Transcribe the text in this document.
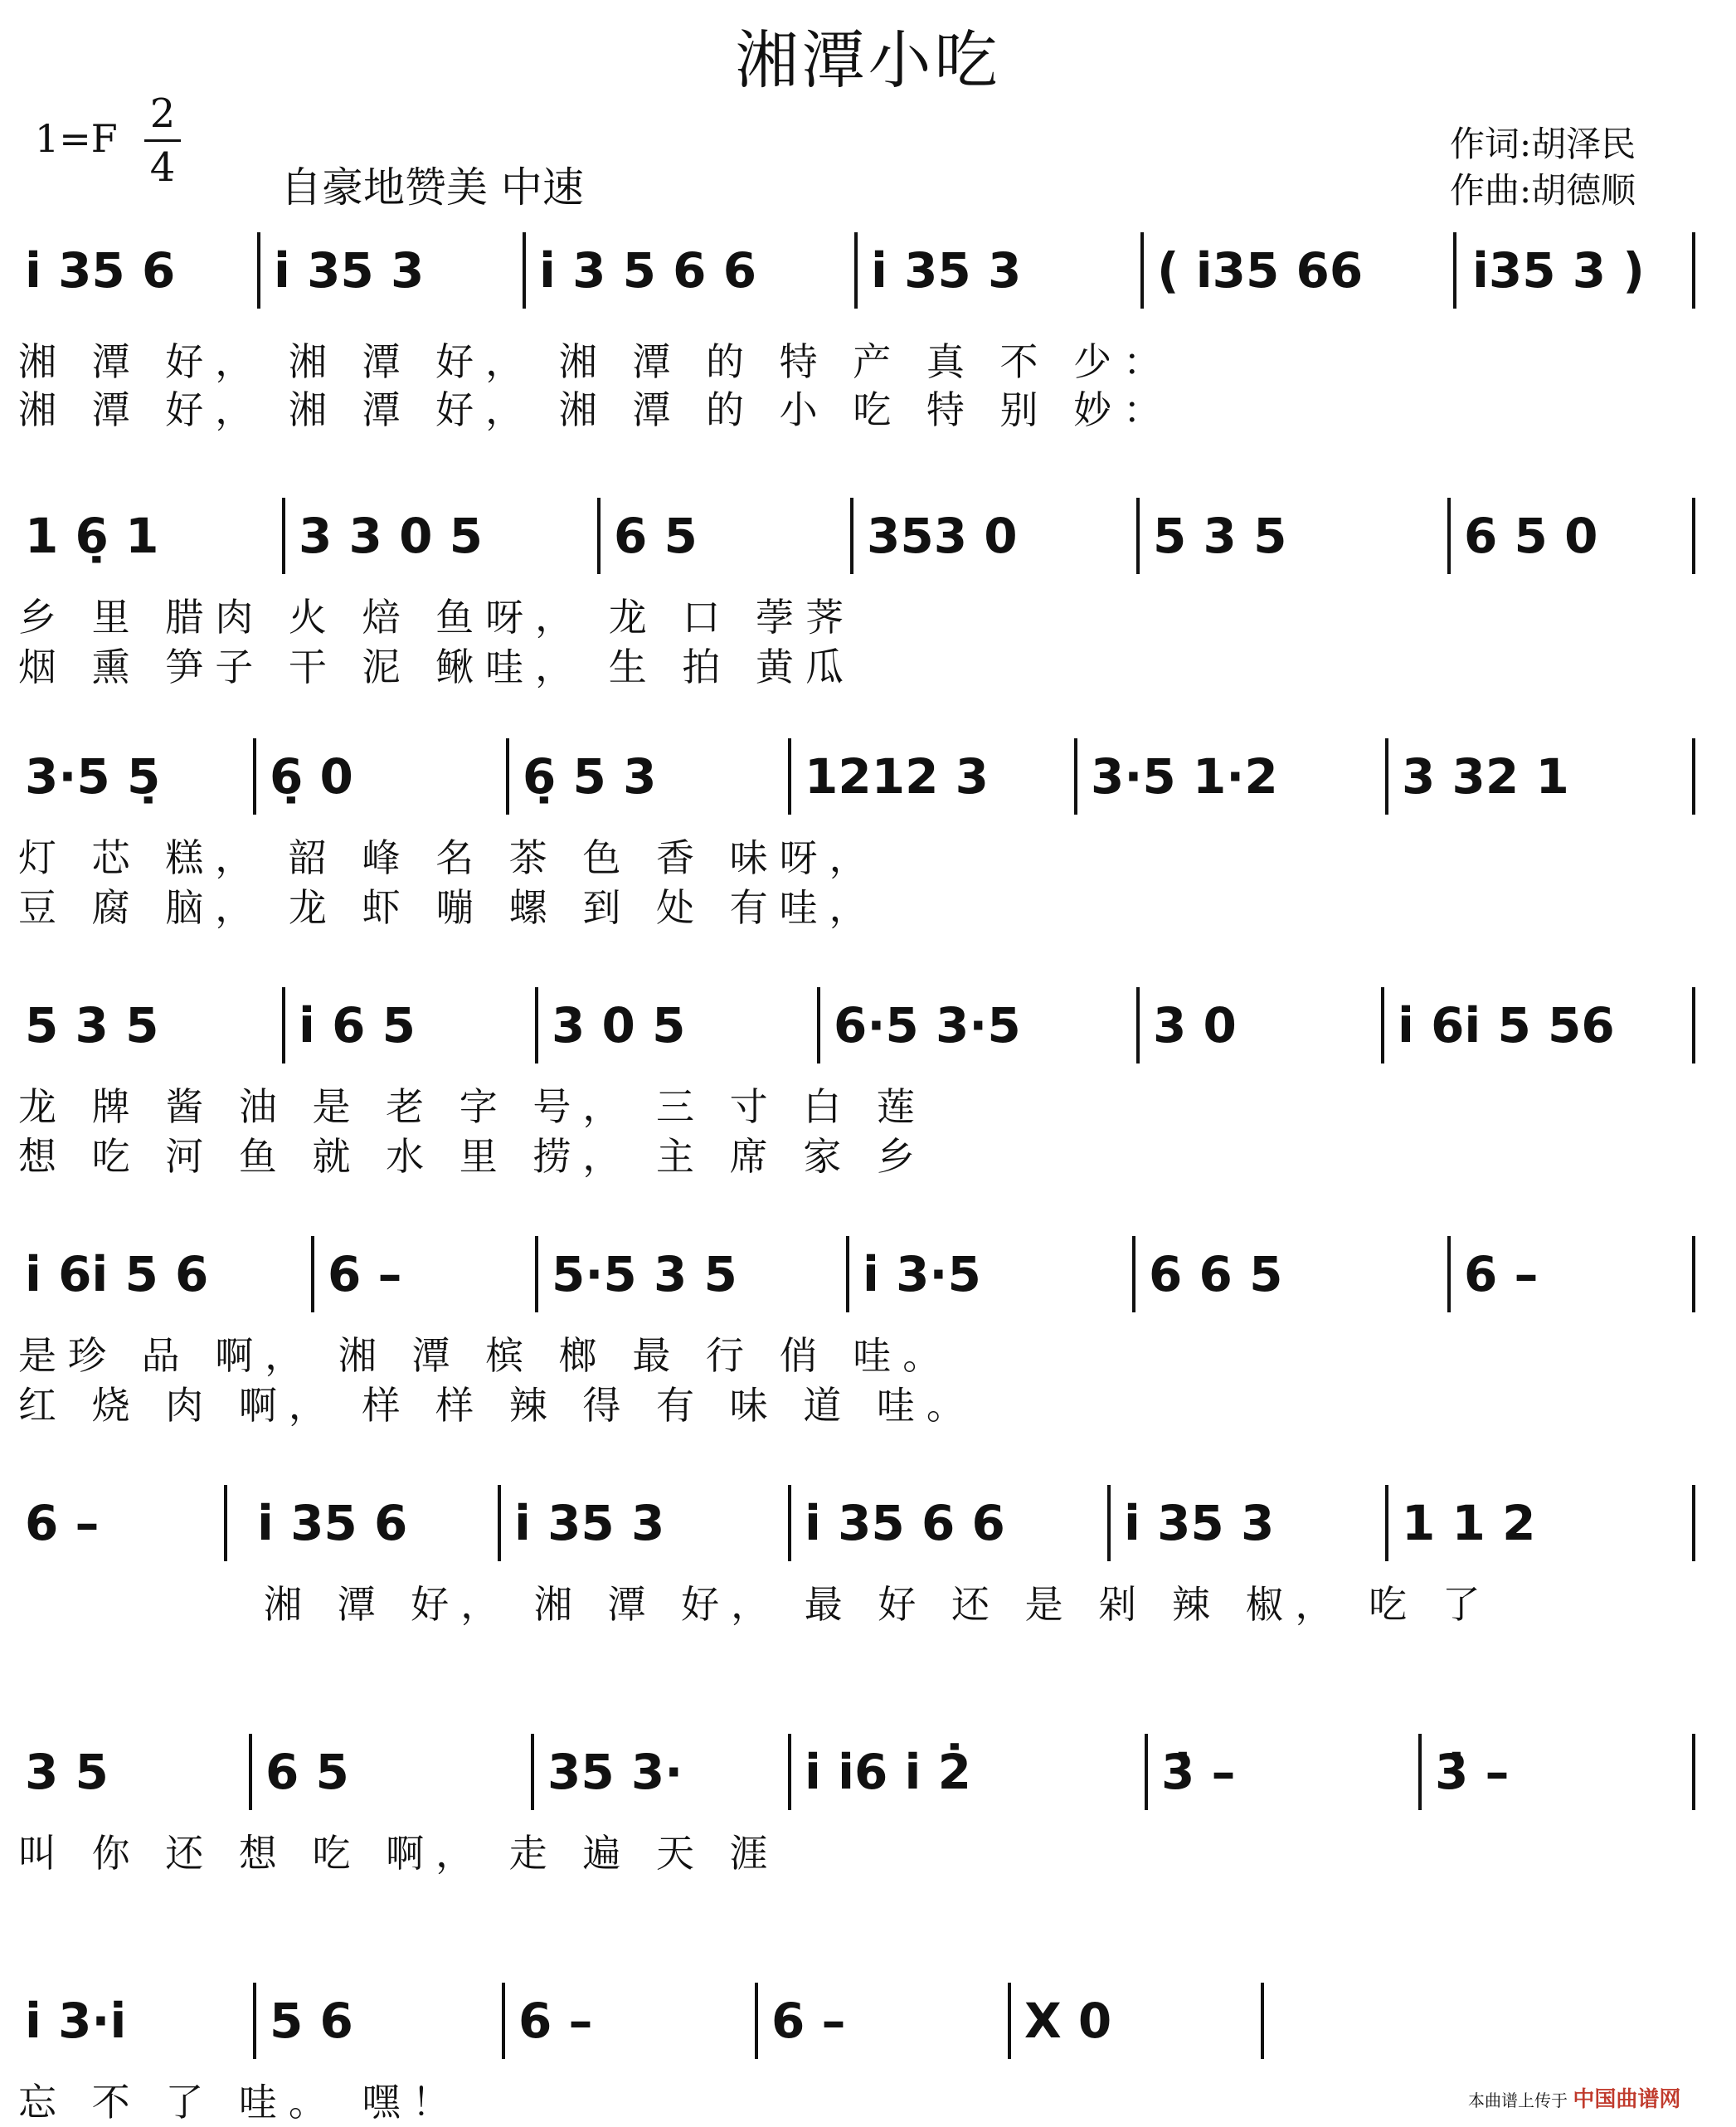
湘潭小吃
1=F
2
4	自豪地赞美 中速
作词:胡泽民
作曲:胡德顺
i̇ 35 6 i̇ 35 3 i̇ 3 5 6 6 i̇ 35 3	( i̇35 66 i̇35 3 )
湘 潭 好， 湘 潭 好， 湘 潭 的 特 产 真 不 少：
湘 潭 好， 湘 潭 好， 湘 潭 的 小 吃 特 别 妙：
1 6̣ 1	3 3 0 5	6 5	353 0	5 3 5	6 5 0
乡 里 腊肉 火 焙 鱼呀， 龙 口 荸荠
烟 熏 笋子 干 泥 鳅哇， 生 拍 黄瓜
3·5 5̣ 6̣ 0	6̣ 5 3	1212 3 3·5 1·2	3 32 1
灯 芯 糕， 韶 峰 名 茶 色 香 味呀，
豆 腐 脑， 龙 虾 嘣 螺 到 处 有哇，
5 3 5	i̇ 6 5	3 0 5	6·5 3·5	3 0	i̇ 6i̇ 5 56
龙 牌 酱 油 是 老 字 号， 三 寸 白 莲
想 吃 河 鱼 就 水 里 捞， 主 席 家 乡
i̇ 6i̇ 5 6 6 –	5·5 3 5	i̇ 3·5	6 6 5	6 –
是珍 品 啊， 湘 潭 槟 榔 最 行 俏 哇。
红 烧 肉 啊， 样 样 辣 得 有 味 道 哇。
6 –	i̇ 35 6 i̇ 35 3	i̇ 35 6 6 i̇ 35 3	1 1 2
湘 潭 好， 湘 潭 好， 最 好 还 是 剁 辣 椒， 吃 了
3 5	6 5	35 3·	i̇ i̇6 i̇ 2̇	3̇ –	3̇ –
叫 你 还 想 吃 啊， 走 遍 天 涯
i̇ 3·i̇	5 6	6 –	6 –	X 0
忘 不 了 哇。 嘿！	本曲谱上传于 中国曲谱网
